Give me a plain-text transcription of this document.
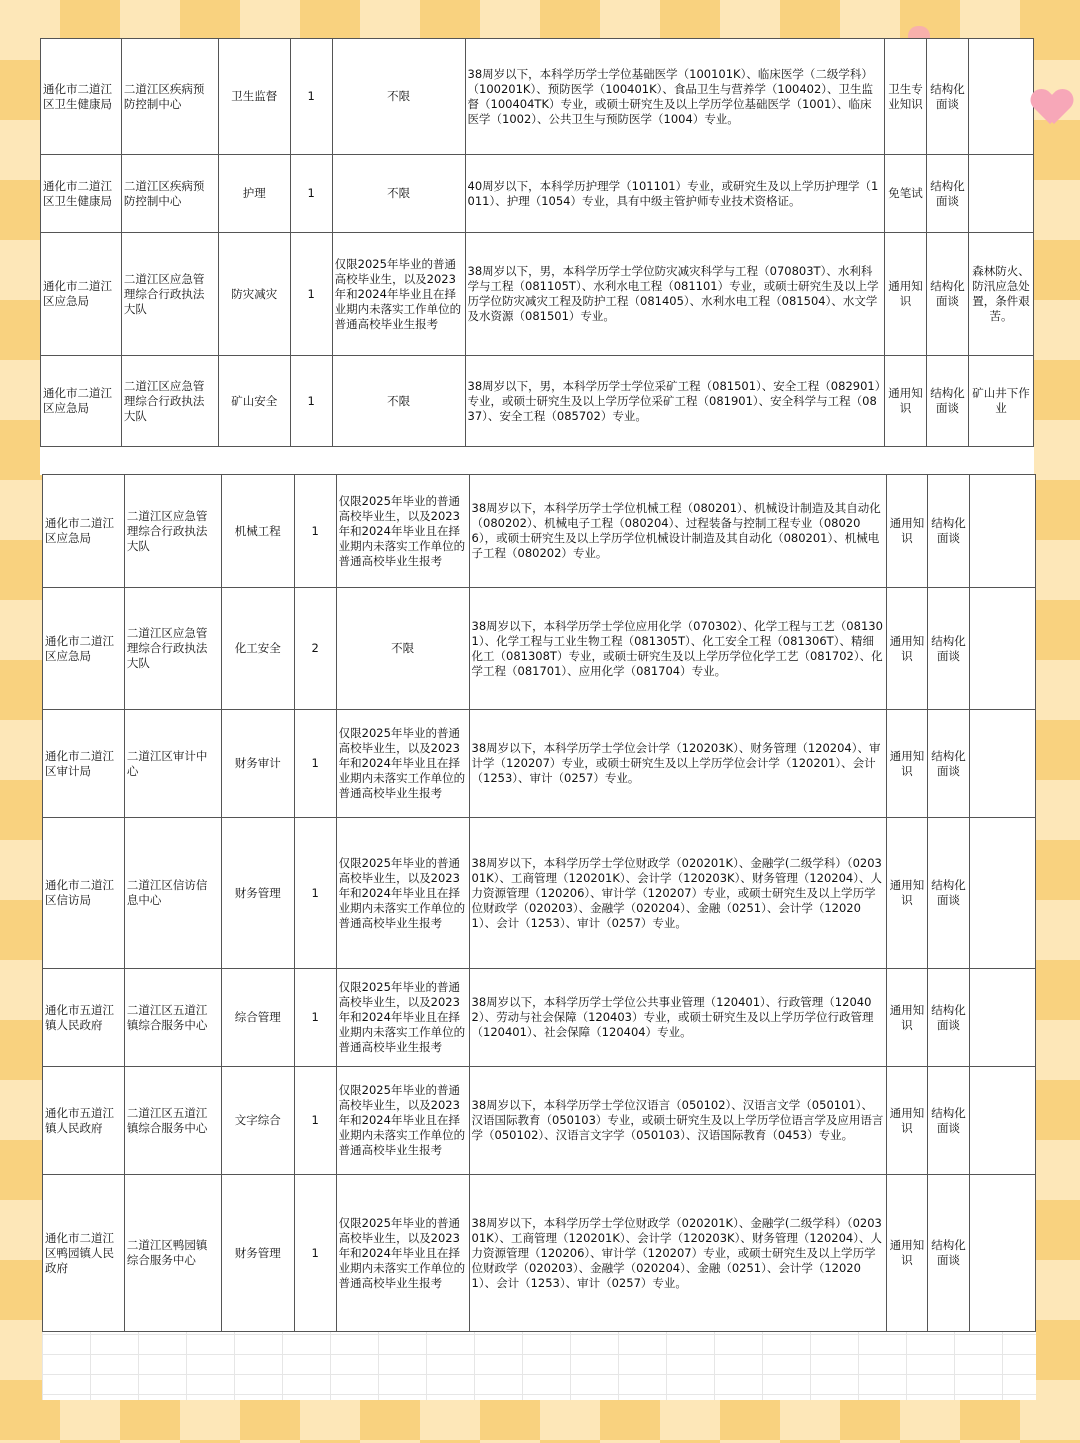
通化市二道江区卫生健康局	二道江区疾病预防控制中心	卫生监督	1	不限	38周岁以下，本科学历学士学位基础医学（100101K）、临床医学（二级学科）（100201K）、预防医学（100401K）、食品卫生与营养学（100402）、卫生监督（100404TK）专业，或硕士研究生及以上学历学位基础医学（1001）、临床医学（1002）、公共卫生与预防医学（1004）专业。	卫生专业知识	结构化面谈	
通化市二道江区卫生健康局	二道江区疾病预防控制中心	护理	1	不限	40周岁以下，本科学历护理学（101101）专业，或研究生及以上学历护理学（1011）、护理（1054）专业，具有中级主管护师专业技术资格证。	免笔试	结构化面谈	
通化市二道江区应急局	二道江区应急管理综合行政执法大队	防灾减灾	1	仅限2025年毕业的普通高校毕业生，以及2023年和2024年毕业且在择业期内未落实工作单位的普通高校毕业生报考	38周岁以下，男，本科学历学士学位防灾减灾科学与工程（070803T）、水利科学与工程（081105T）、水利水电工程（081101）专业，或硕士研究生及以上学历学位防灾减灾工程及防护工程（081405）、水利水电工程（081504）、水文学及水资源（081501）专业。	通用知识	结构化面谈	森林防火、防汛应急处置，条件艰苦。
通化市二道江区应急局	二道江区应急管理综合行政执法大队	矿山安全	1	不限	38周岁以下，男，本科学历学士学位采矿工程（081501）、安全工程（082901）专业，或硕士研究生及以上学历学位采矿工程（081901）、安全科学与工程（0837）、安全工程（085702）专业。	通用知识	结构化面谈	矿山井下作业
通化市二道江区应急局	二道江区应急管理综合行政执法大队	机械工程	1	仅限2025年毕业的普通高校毕业生，以及2023年和2024年毕业且在择业期内未落实工作单位的普通高校毕业生报考	38周岁以下，本科学历学士学位机械工程（080201）、机械设计制造及其自动化（080202）、机械电子工程（080204）、过程装备与控制工程专业（080206），或硕士研究生及以上学历学位机械设计制造及其自动化（080201）、机械电子工程（080202）专业。	通用知识	结构化面谈	
通化市二道江区应急局	二道江区应急管理综合行政执法大队	化工安全	2	不限	38周岁以下，本科学历学士学位应用化学（070302）、化学工程与工艺（081301）、化学工程与工业生物工程（081305T）、化工安全工程（081306T）、精细化工（081308T）专业，或硕士研究生及以上学历学位化学工艺（081702）、化学工程（081701）、应用化学（081704）专业。	通用知识	结构化面谈	
通化市二道江区审计局	二道江区审计中心	财务审计	1	仅限2025年毕业的普通高校毕业生，以及2023年和2024年毕业且在择业期内未落实工作单位的普通高校毕业生报考	38周岁以下，本科学历学士学位会计学（120203K）、财务管理（120204）、审计学（120207）专业，或硕士研究生及以上学历学位会计学（120201）、会计（1253）、审计（0257）专业。	通用知识	结构化面谈	
通化市二道江区信访局	二道江区信访信息中心	财务管理	1	仅限2025年毕业的普通高校毕业生，以及2023年和2024年毕业且在择业期内未落实工作单位的普通高校毕业生报考	38周岁以下，本科学历学士学位财政学（020201K）、金融学(二级学科）（020301K）、工商管理（120201K）、会计学（120203K）、财务管理（120204）、人力资源管理（120206）、审计学（120207）专业，或硕士研究生及以上学历学位财政学（020203）、金融学（020204）、金融（0251）、会计学（120201）、会计（1253）、审计（0257）专业。	通用知识	结构化面谈	
通化市五道江镇人民政府	二道江区五道江镇综合服务中心	综合管理	1	仅限2025年毕业的普通高校毕业生，以及2023年和2024年毕业且在择业期内未落实工作单位的普通高校毕业生报考	38周岁以下，本科学历学士学位公共事业管理（120401）、行政管理（120402）、劳动与社会保障（120403）专业，或硕士研究生及以上学历学位行政管理（120401）、社会保障（120404）专业。	通用知识	结构化面谈	
通化市五道江镇人民政府	二道江区五道江镇综合服务中心	文字综合	1	仅限2025年毕业的普通高校毕业生，以及2023年和2024年毕业且在择业期内未落实工作单位的普通高校毕业生报考	38周岁以下，本科学历学士学位汉语言（050102）、汉语言文学（050101）、汉语国际教育（050103）专业，或硕士研究生及以上学历学位语言学及应用语言学（050102）、汉语言文字学（050103）、汉语国际教育（0453）专业。	通用知识	结构化面谈	
通化市二道江区鸭园镇人民政府	二道江区鸭园镇综合服务中心	财务管理	1	仅限2025年毕业的普通高校毕业生，以及2023年和2024年毕业且在择业期内未落实工作单位的普通高校毕业生报考	38周岁以下，本科学历学士学位财政学（020201K）、金融学(二级学科）（020301K）、工商管理（120201K）、会计学（120203K）、财务管理（120204）、人力资源管理（120206）、审计学（120207）专业，或硕士研究生及以上学历学位财政学（020203）、金融学（020204）、金融（0251）、会计学（120201）、会计（1253）、审计（0257）专业。	通用知识	结构化面谈	
